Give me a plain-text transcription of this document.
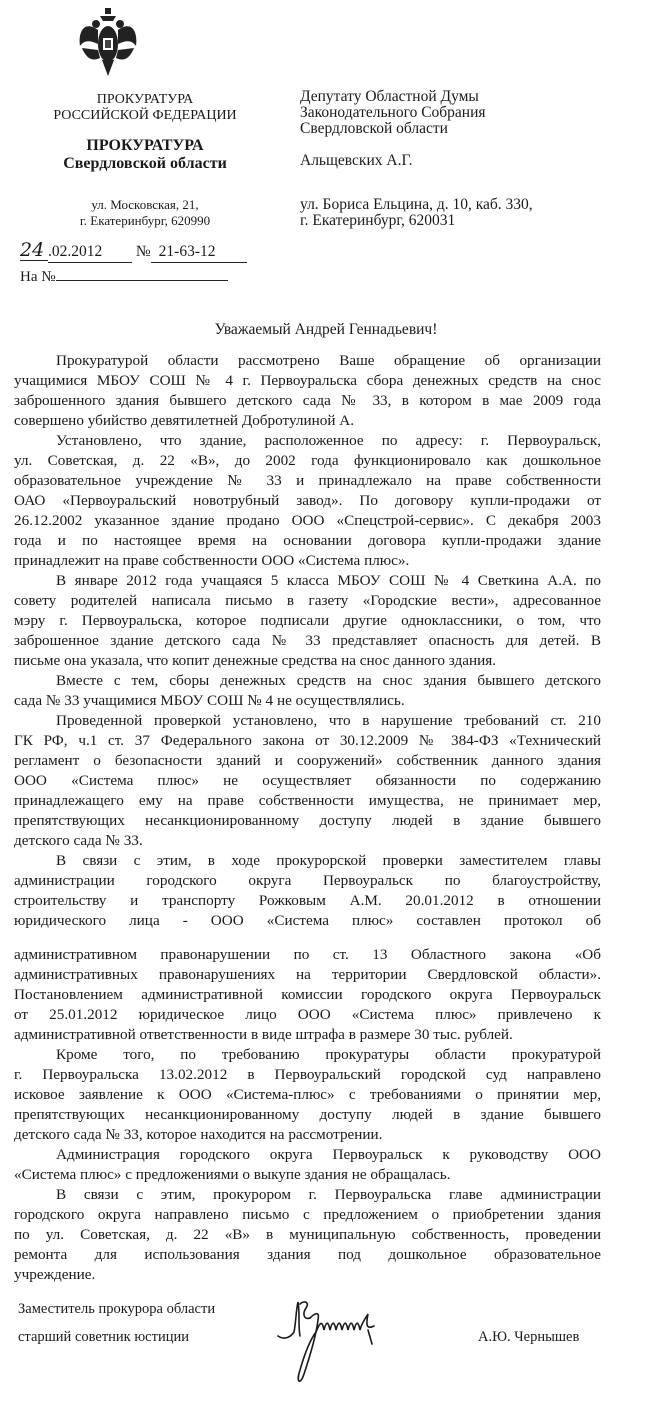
ПРОКУРАТУРА
РОССИЙСКОЙ ФЕДЕРАЦИИ
ПРОКУРАТУРА
Свердловской области
ул. Московская, 21,
г. Екатеринбург, 620990
24 .02.2012 № 21-63-12
На №
Депутату Областной Думы
Законодательного Собрания
Свердловской области
Альщевских А.Г.
ул. Бориса Ельцина, д. 10, каб. 330,
г. Екатеринбург, 620031
Уважаемый Андрей Геннадьевич!
Прокуратурой области рассмотрено Ваше обращение об организации
учащимися МБОУ СОШ № 4 г. Первоуральска сбора денежных средств на снос
заброшенного здания бывшего детского сада № 33, в котором в мае 2009 года
совершено убийство девятилетней Добротулиной А.
Установлено, что здание, расположенное по адресу: г. Первоуральск,
ул. Советская, д. 22 «В», до 2002 года функционировало как дошкольное
образовательное учреждение № 33 и принадлежало на праве собственности
ОАО «Первоуральский новотрубный завод». По договору купли-продажи от
26.12.2002 указанное здание продано ООО «Спецстрой-сервис». С декабря 2003
года и по настоящее время на основании договора купли-продажи здание
принадлежит на праве собственности ООО «Система плюс».
В январе 2012 года учащаяся 5 класса МБОУ СОШ № 4 Светкина А.А. по
совету родителей написала письмо в газету «Городские вести», адресованное
мэру г. Первоуральска, которое подписали другие одноклассники, о том, что
заброшенное здание детского сада № 33 представляет опасность для детей. В
письме она указала, что копит денежные средства на снос данного здания.
Вместе с тем, сборы денежных средств на снос здания бывшего детского
сада № 33 учащимися МБОУ СОШ № 4 не осуществлялись.
Проведенной проверкой установлено, что в нарушение требований ст. 210
ГК РФ, ч.1 ст. 37 Федерального закона от 30.12.2009 № 384-ФЗ «Технический
регламент о безопасности зданий и сооружений» собственник данного здания
ООО «Система плюс» не осуществляет обязанности по содержанию
принадлежащего ему на праве собственности имущества, не принимает мер,
препятствующих несанкционированному доступу людей в здание бывшего
детского сада № 33.
В связи с этим, в ходе прокурорской проверки заместителем главы
администрации городского округа Первоуральск по благоустройству,
строительству и транспорту Рожковым А.М. 20.01.2012 в отношении
юридического лица - ООО «Система плюс» составлен протокол об
административном правонарушении по ст. 13 Областного закона «Об
административных правонарушениях на территории Свердловской области».
Постановлением административной комиссии городского округа Первоуральск
от 25.01.2012 юридическое лицо ООО «Система плюс» привлечено к
административной ответственности в виде штрафа в размере 30 тыс. рублей.
Кроме того, по требованию прокуратуры области прокуратурой
г. Первоуральска 13.02.2012 в Первоуральский городской суд направлено
исковое заявление к ООО «Система-плюс» с требованиями о принятии мер,
препятствующих несанкционированному доступу людей в здание бывшего
детского сада № 33, которое находится на рассмотрении.
Администрация городского округа Первоуральск к руководству ООО
«Система плюс» с предложениями о выкупе здания не обращалась.
В связи с этим, прокурором г. Первоуральска главе администрации
городского округа направлено письмо с предложением о приобретении здания
по ул. Советская, д. 22 «В» в муниципальную собственность, проведении
ремонта для использования здания под дошкольное образовательное
учреждение.
Заместитель прокурора области
старший советник юстиции	А.Ю. Чернышев
